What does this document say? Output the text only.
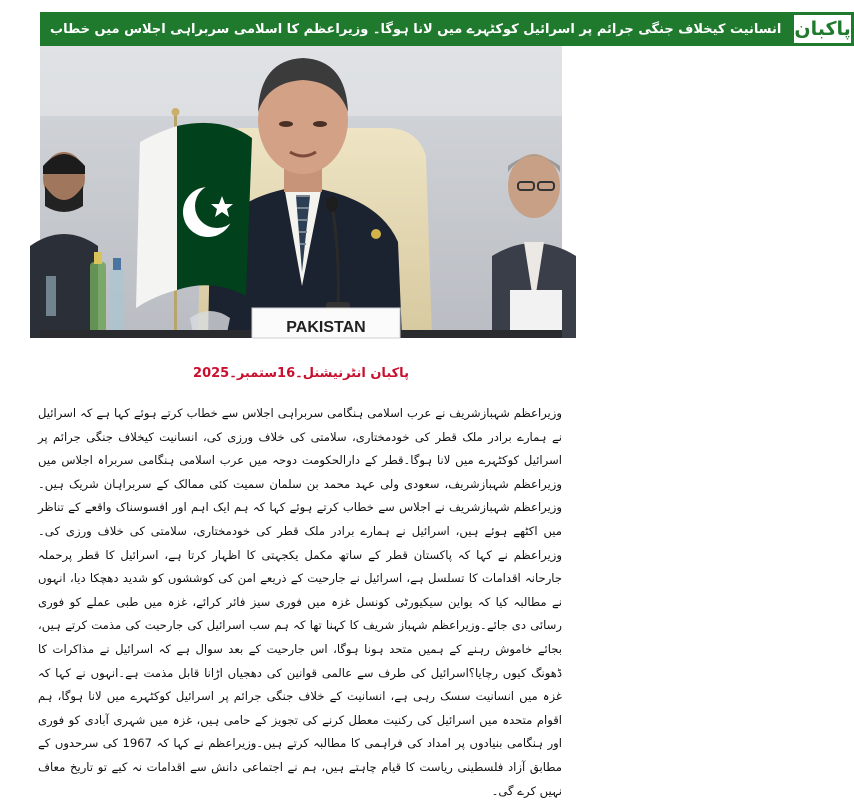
انسانیت کیخلاف جنگی جرائم پر اسرائیل کوکٹہرے میں لانا ہوگا۔ وزیراعظم کا اسلامی سربراہی اجلاس میں خطاب پاکبان
PAKISTAN
پاکبان انٹرنیشنل۔16ستمبر۔2025

وزیراعظم شہبازشریف نے عرب اسلامی ہنگامی سربراہی اجلاس سے خطاب کرتے ہوئے کہا ہے کہ اسرائیل نے ہمارے برادر ملک قطر کی خودمختاری، سلامتی کی خلاف ورزی کی، انسانیت کیخلاف جنگی جرائم پر اسرائیل کوکٹہرے میں لانا ہوگا۔قطر کے دارالحکومت دوحہ میں عرب اسلامی ہنگامی سربراہ اجلاس میں وزیراعظم شہبازشریف، سعودی ولی عہد محمد بن سلمان سمیت کئی ممالک کے سربراہان شریک ہیں۔وزیراعظم شہبازشریف نے اجلاس سے خطاب کرتے ہوئے کہا کہ ہم ایک اہم اور افسوسناک واقعے کے تناظر میں اکٹھے ہوئے ہیں، اسرائیل نے ہمارے برادر ملک قطر کی خودمختاری، سلامتی کی خلاف ورزی کی۔وزیراعظم نے کہا کہ پاکستان قطر کے ساتھ مکمل یکجہتی کا اظہار کرتا ہے، اسرائیل کا قطر پرحملہ جارحانہ اقدامات کا تسلسل ہے، اسرائیل نے جارحیت کے ذریعے امن کی کوششوں کو شدید دھچکا دیا، انہوں نے مطالبہ کیا کہ یواین سیکیورٹی کونسل غزہ میں فوری سیز فائر کرائے، غزہ میں طبی عملے کو فوری رسائی دی جائے۔وزیراعظم شہباز شریف کا کہنا تھا کہ ہم سب اسرائیل کی جارحیت کی مذمت کرتے ہیں، بجائے خاموش رہنے کے ہمیں متحد ہونا ہوگا، اس جارحیت کے بعد سوال ہے کہ اسرائیل نے مذاکرات کا ڈھونگ کیوں رچایا؟اسرائیل کی طرف سے عالمی قوانین کی دھجیاں اڑانا قابل مذمت ہے۔انہوں نے کہا کہ غزہ میں انسانیت سسک رہی ہے، انسانیت کے خلاف جنگی جرائم پر اسرائیل کوکٹہرے میں لانا ہوگا، ہم اقوام متحدہ میں اسرائیل کی رکنیت معطل کرنے کی تجویز کے حامی ہیں، غزہ میں شہری آبادی کو فوری اور ہنگامی بنیادوں پر امداد کی فراہمی کا مطالبہ کرتے ہیں۔وزیراعظم نے کہا کہ 1967 کی سرحدوں کے مطابق آزاد فلسطینی ریاست کا قیام چاہتے ہیں، ہم نے اجتماعی دانش سے اقدامات نہ کیے تو تاریخ معاف نہیں کرے گی۔
